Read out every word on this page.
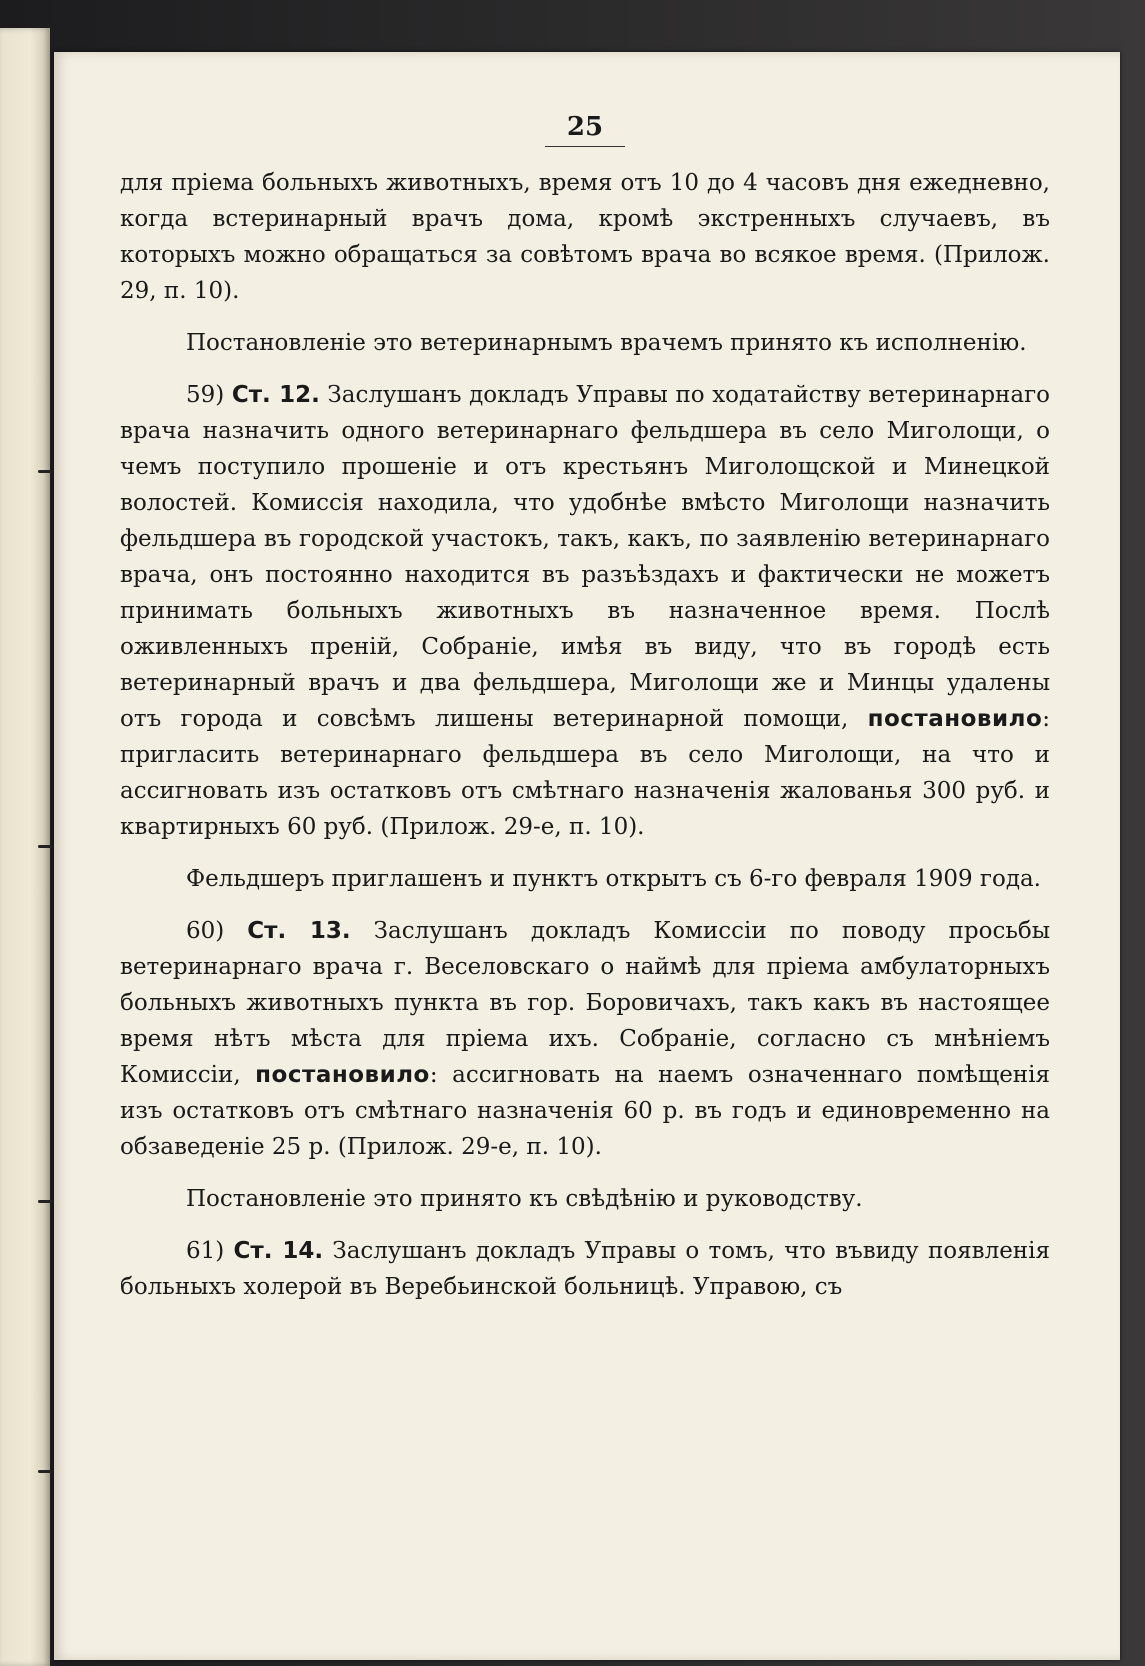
25

для пріема больныхъ животныхъ, время отъ 10 до 4 часовъ дня ежедневно, когда встеринарный врачъ дома, кромѣ экстренныхъ случаевъ, въ которыхъ можно обращаться за совѣтомъ врача во всякое время. (Прилож. 29, п. 10).

Постановленіе это ветеринарнымъ врачемъ принято къ исполненію.

59) Ст. 12. Заслушанъ докладъ Управы по ходатайству ветеринарнаго врача назначить одного ветеринарнаго фельдшера въ село Миголощи, о чемъ поступило прошеніе и отъ крестьянъ Миголощской и Минецкой волостей. Комиссія находила, что удобнѣе вмѣсто Миголощи назначить фельдшера въ городской участокъ, такъ, какъ, по заявленію ветеринарнаго врача, онъ постоянно находится въ разъѣздахъ и фактически не можетъ принимать больныхъ животныхъ въ назначенное время. Послѣ оживленныхъ преній, Собраніе, имѣя въ виду, что въ городѣ есть ветеринарный врачъ и два фельдшера, Миголощи же и Минцы удалены отъ города и совсѣмъ лишены ветеринарной помощи, постановило: пригласить ветеринарнаго фельдшера въ село Миголощи, на что и ассигновать изъ остатковъ отъ смѣтнаго назначенія жалованья 300 руб. и квартирныхъ 60 руб. (Прилож. 29-е, п. 10).

Фельдшеръ приглашенъ и пунктъ открытъ съ 6-го февраля 1909 года.

60) Ст. 13. Заслушанъ докладъ Комиссіи по поводу просьбы ветеринарнаго врача г. Веселовскаго о наймѣ для пріема амбулаторныхъ больныхъ животныхъ пункта въ гор. Боровичахъ, такъ какъ въ настоящее время нѣтъ мѣста для пріема ихъ. Собраніе, согласно съ мнѣніемъ Комиссіи, постановило: ассигновать на наемъ означеннаго помѣщенія изъ остатковъ отъ смѣтнаго назначенія 60 р. въ годъ и единовременно на обзаведеніе 25 р. (Прилож. 29-е, п. 10).

Постановленіе это принято къ свѣдѣнію и руководству.

61) Ст. 14. Заслушанъ докладъ Управы о томъ, что въвиду появленія больныхъ холерой въ Веребьинской больницѣ. Управою, съ
